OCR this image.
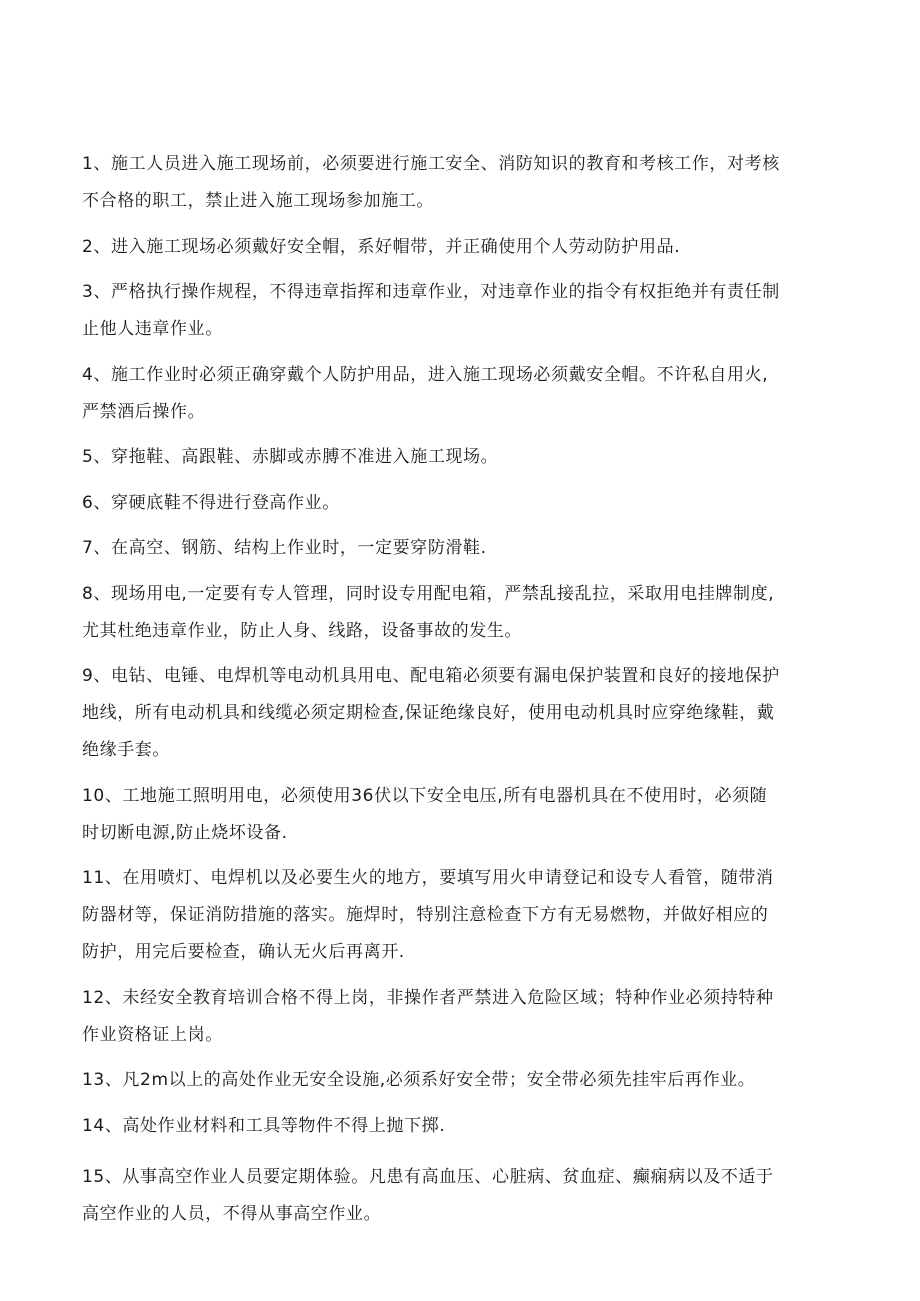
1、施工人员进入施工现场前，必须要进行施工安全、消防知识的教育和考核工作，对考核
不合格的职工，禁止进入施工现场参加施工。
2、进入施工现场必须戴好安全帽，系好帽带，并正确使用个人劳动防护用品.
3、严格执行操作规程，不得违章指挥和违章作业，对违章作业的指令有权拒绝并有责任制
止他人违章作业。
4、施工作业时必须正确穿戴个人防护用品，进入施工现场必须戴安全帽。不许私自用火,
严禁酒后操作。
5、穿拖鞋、高跟鞋、赤脚或赤膊不准进入施工现场。
6、穿硬底鞋不得进行登高作业。
7、在高空、钢筋、结构上作业时，一定要穿防滑鞋.
8、现场用电,一定要有专人管理，同时设专用配电箱，严禁乱接乱拉，采取用电挂牌制度,
尤其杜绝违章作业，防止人身、线路，设备事故的发生。
9、电钻、电锤、电焊机等电动机具用电、配电箱必须要有漏电保护装置和良好的接地保护
地线，所有电动机具和线缆必须定期检查,保证绝缘良好，使用电动机具时应穿绝缘鞋，戴
绝缘手套。
10、工地施工照明用电，必须使用36伏以下安全电压,所有电器机具在不使用时，必须随
时切断电源,防止烧坏设备.
11、在用喷灯、电焊机以及必要生火的地方，要填写用火申请登记和设专人看管，随带消
防器材等，保证消防措施的落实。施焊时，特别注意检查下方有无易燃物，并做好相应的
防护，用完后要检查，确认无火后再离开.
12、未经安全教育培训合格不得上岗，非操作者严禁进入危险区域；特种作业必须持特种
作业资格证上岗。
13、凡2m以上的高处作业无安全设施,必须系好安全带；安全带必须先挂牢后再作业。
14、高处作业材料和工具等物件不得上抛下掷.
15、从事高空作业人员要定期体验。凡患有高血压、心脏病、贫血症、癫痫病以及不适于
高空作业的人员，不得从事高空作业。
